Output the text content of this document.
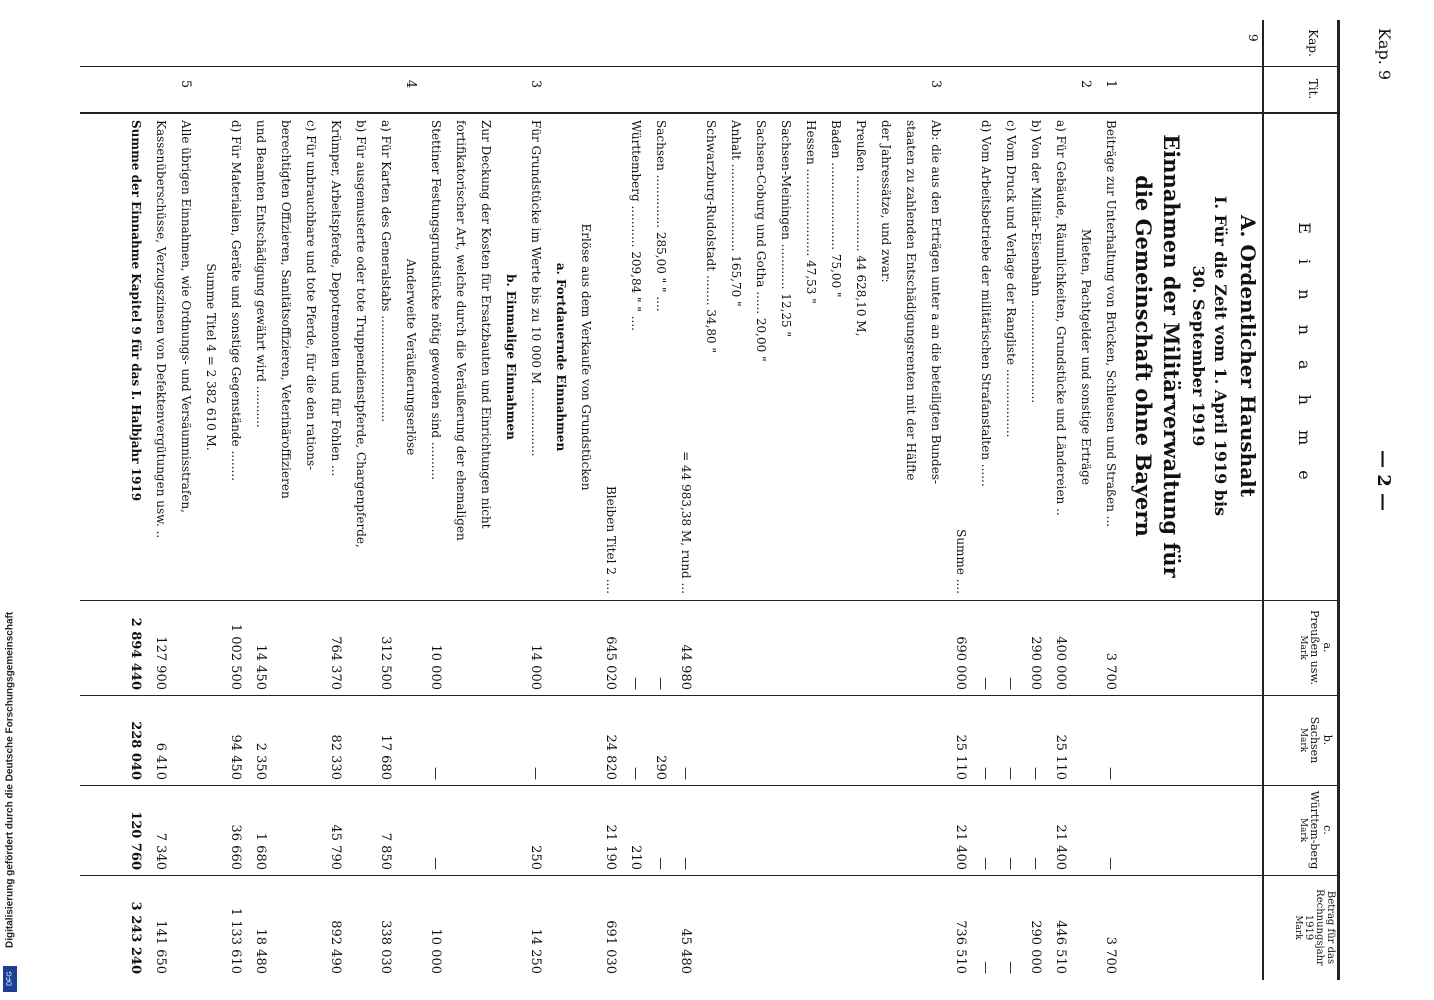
Digitalisierung gefördert durch die Deutsche Forschungsgemeinschaft
DFG
Kap. 9
— 2 —
Kap.
Tit.
E i n n a h m e
a.
Preußen usw.
Mark
b.
Sachsen
Mark
c.
Württem-berg
Mark
Betrag für das Rechnungsjahr 1919
Mark
9
A. Ordentlicher Haushalt
I. Für die Zeit vom 1. April 1919 bis
30. September 1919
Einnahmen der Militärverwaltung für
die Gemeinschaft ohne Bayern
1
Beiträge zur Unterhaltung von Brücken, Schleusen und Straßen ...
3 700
—
—
3 700
2
Mieten, Pachtgelder und sonstige Erträge
a) Für Gebäude, Räumlichkeiten, Grundstücke und Ländereien ..
400 000
25 110
21 400
446 510
b) Von der Militär-Eisenbahn ...........................
290 000
—
—
290 000
c) Vom Druck und Verlage der Rangliste ..................
—
—
—
—
d) Vom Arbeitsbetriebe der militärischen Strafanstalten ......
—
—
—
—
Summe ....
690 000
25 110
21 400
736 510
3
Ab: die aus den Erträgen unter a an die beteiligten Bundes-
staaten zu zahlenden Entschädigungsrenten mit der Hälfte
der Jahressätze, und zwar:
Preußen .................... 44 628,10 M,
Baden ....................... 75,00 "
Hessen ....................... 47,53 "
Sachsen-Meiningen ............ 12,25 "
Sachsen-Coburg und Gotha ...... 20,00 "
Anhalt ....................... 165,70 "
Schwarzburg-Rudolstadt ........ 34,80 "
= 44 983,38 M, rund ...
44 980
—
—
45 480
Sachsen .............. 285,00 " " ....
—
290
—
Württemberg ........... 209,84 " " ....
—
—
210
Bleiben Titel 2 ....
645 020
24 820
21 190
691 030
Erlöse aus dem Verkaufe von Grundstücken
a. Fortdauernde Einnahmen
3
Für Grundstücke im Werte bis zu 10 000 M ..................
14 000
—
250
14 250
b. Einmalige Einnahmen
Zur Deckung der Kosten für Ersatzbauten und Einrichtungen nicht
fortifikatorischer Art, welche durch die Veräußerung der ehemaligen
Stettiner Festungsgrundstücke nötig geworden sind ..........
10 000
—
—
10 000
4
Anderweite Veräußerungserlöse
a) Für Karten des Generalstabs ............................
312 500
17 680
7 850
338 030
b) Für ausgemusterte oder tote Truppendienstpferde, Chargenpferde,
Krümper, Arbeitspferde, Depotremonten und für Fohlen ...
764 370
82 330
45 790
892 490
c) Für unbrauchbare und tote Pferde, für die den rations-
berechtigten Offizieren, Sanitätsoffizieren, Veterinäroffizieren
und Beamten Entschädigung gewährt wird ...........
14 450
2 350
1 680
18 480
d) Für Materialien, Geräte und sonstige Gegenstände ........
1 002 500
94 450
36 660
1 133 610
Summe Titel 4 = 2 382 610 M.
5
Alle übrigen Einnahmen, wie Ordnungs- und Versäumnisstrafen,
Kassenüberschüsse, Verzugszinsen von Defektenvergütungen usw. ..
127 900
6 410
7 340
141 650
Summe der Einnahme Kapitel 9 für das I. Halbjahr 1919
2 894 440
228 040
120 760
3 243 240
